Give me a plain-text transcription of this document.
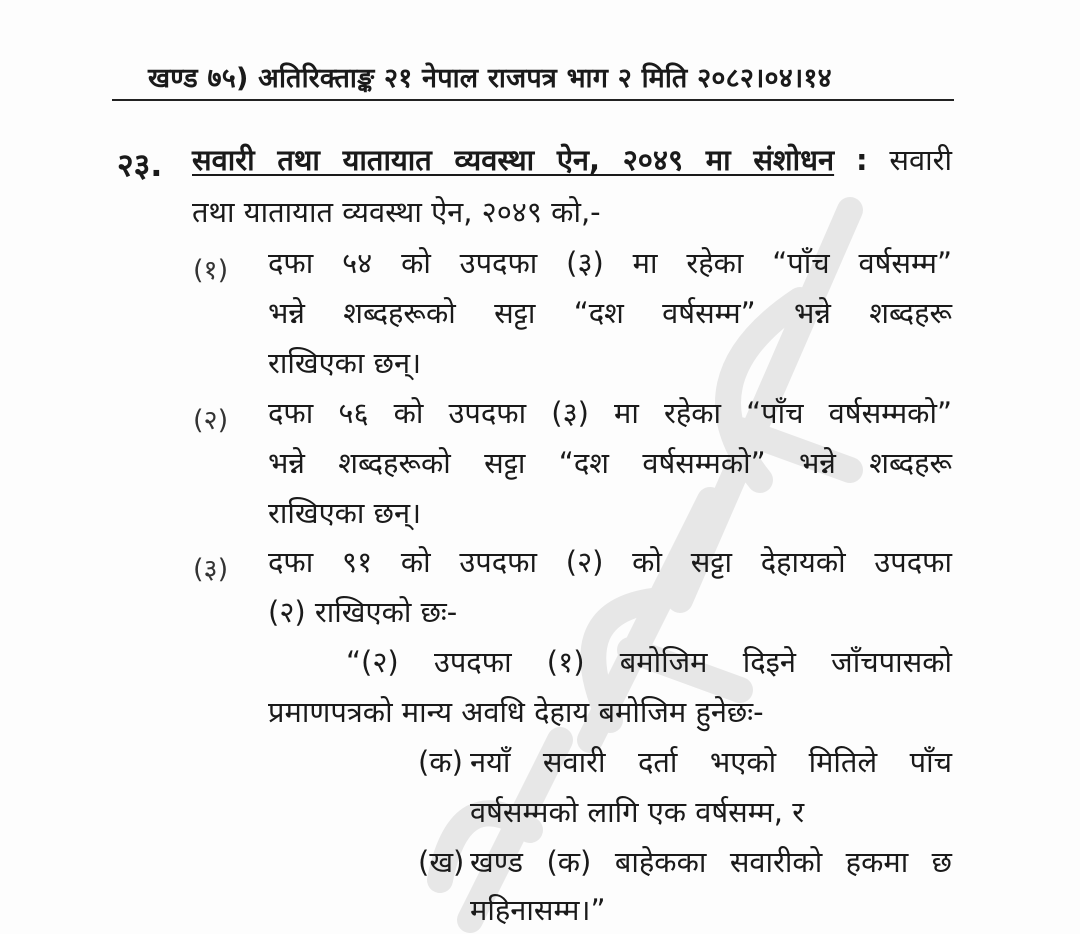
खण्ड ७५) अतिरिक्ताङ्क २१ नेपाल राजपत्र भाग २ मिति २०८२।०४।१४
२३. सवारी तथा यातायात व्यवस्था ऐन, २०४९ मा संशोधन : सवारी
तथा यातायात व्यवस्था ऐन, २०४९ को,-
(१) दफा ५४ को उपदफा (३) मा रहेका “पाँच वर्षसम्म”
भन्ने शब्दहरूको सट्टा “दश वर्षसम्म” भन्ने शब्दहरू
राखिएका छन्।
(२) दफा ५६ को उपदफा (३) मा रहेका “पाँच वर्षसम्मको”
भन्ने शब्दहरूको सट्टा “दश वर्षसम्मको” भन्ने शब्दहरू
राखिएका छन्।
(३) दफा ९१ को उपदफा (२) को सट्टा देहायको उपदफा
(२) राखिएको छः-
“(२) उपदफा (१) बमोजिम दिइने जाँचपासको
प्रमाणपत्रको मान्य अवधि देहाय बमोजिम हुनेछः-
(क) नयाँ सवारी दर्ता भएको मितिले पाँच
वर्षसम्मको लागि एक वर्षसम्म, र
(ख) खण्ड (क) बाहेकका सवारीको हकमा छ
महिनासम्म।”
